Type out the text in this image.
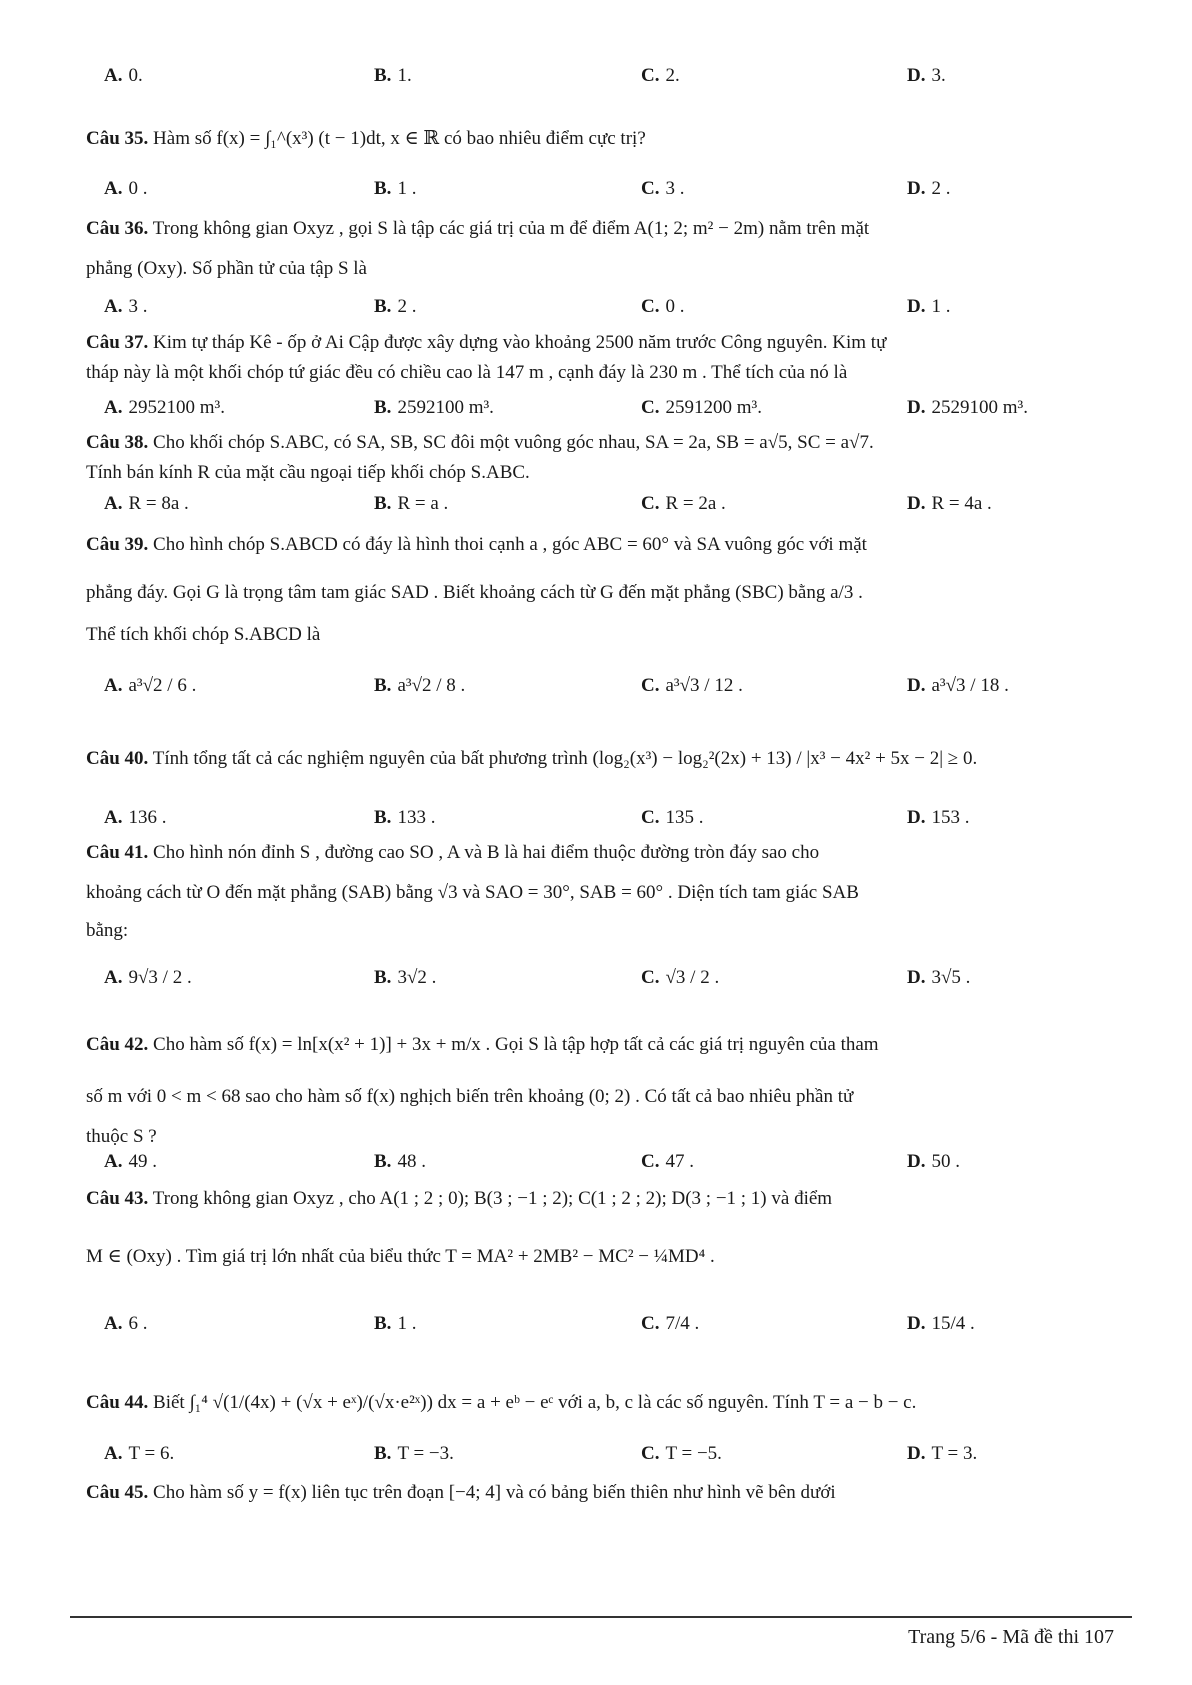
A. 0.	B. 1.	C. 2.	D. 3.
Câu 35. Hàm số f(x) = ∫₁^(x³) (t − 1)dt, x ∈ ℝ có bao nhiêu điểm cực trị?
A. 0 .	B. 1 .	C. 3 .	D. 2 .
Câu 36. Trong không gian Oxyz , gọi S là tập các giá trị của m để điểm A(1; 2; m² − 2m) nằm trên mặt
phẳng (Oxy). Số phần tử của tập S là
A. 3 .	B. 2 .	C. 0 .	D. 1 .
Câu 37. Kim tự tháp Kê - ốp ở Ai Cập được xây dựng vào khoảng 2500 năm trước Công nguyên. Kim tự
tháp này là một khối chóp tứ giác đều có chiều cao là 147 m , cạnh đáy là 230 m . Thể tích của nó là
A. 2952100 m³.	B. 2592100 m³.	C. 2591200 m³.	D. 2529100 m³.
Câu 38. Cho khối chóp S.ABC, có SA, SB, SC đôi một vuông góc nhau, SA = 2a, SB = a√5, SC = a√7.
Tính bán kính R của mặt cầu ngoại tiếp khối chóp S.ABC.
A. R = 8a .	B. R = a .	C. R = 2a .	D. R = 4a .
Câu 39. Cho hình chóp S.ABCD có đáy là hình thoi cạnh a , góc ABC = 60° và SA vuông góc với mặt
phẳng đáy. Gọi G là trọng tâm tam giác SAD . Biết khoảng cách từ G đến mặt phẳng (SBC) bằng a/3 .
Thể tích khối chóp S.ABCD là
A. a³√2 / 6 .	B. a³√2 / 8 .	C. a³√3 / 12 .	D. a³√3 / 18 .
Câu 40. Tính tổng tất cả các nghiệm nguyên của bất phương trình (log₂(x³) − log₂²(2x) + 13) / |x³ − 4x² + 5x − 2| ≥ 0.
A. 136 .	B. 133 .	C. 135 .	D. 153 .
Câu 41. Cho hình nón đỉnh S , đường cao SO , A và B là hai điểm thuộc đường tròn đáy sao cho
khoảng cách từ O đến mặt phẳng (SAB) bằng √3 và SAO = 30°, SAB = 60° . Diện tích tam giác SAB
bằng:
A. 9√3 / 2 .	B. 3√2 .	C. √3 / 2 .	D. 3√5 .
Câu 42. Cho hàm số f(x) = ln[x(x² + 1)] + 3x + m/x . Gọi S là tập hợp tất cả các giá trị nguyên của tham
số m với 0 < m < 68 sao cho hàm số f(x) nghịch biến trên khoảng (0; 2) . Có tất cả bao nhiêu phần tử
thuộc S ?
A. 49 .	B. 48 .	C. 47 .	D. 50 .
Câu 43. Trong không gian Oxyz , cho A(1 ; 2 ; 0); B(3 ; −1 ; 2); C(1 ; 2 ; 2); D(3 ; −1 ; 1) và điểm
M ∈ (Oxy) . Tìm giá trị lớn nhất của biểu thức T = MA² + 2MB² − MC² − ¼MD⁴ .
A. 6 .	B. 1 .	C. 7/4 .	D. 15/4 .
Câu 44. Biết ∫₁⁴ √(1/(4x) + (√x + eˣ)/(√x·e²ˣ)) dx = a + eᵇ − eᶜ với a, b, c là các số nguyên. Tính T = a − b − c.
A. T = 6.	B. T = −3.	C. T = −5.	D. T = 3.
Câu 45. Cho hàm số y = f(x) liên tục trên đoạn [−4; 4] và có bảng biến thiên như hình vẽ bên dưới
Trang 5/6 - Mã đề thi 107
